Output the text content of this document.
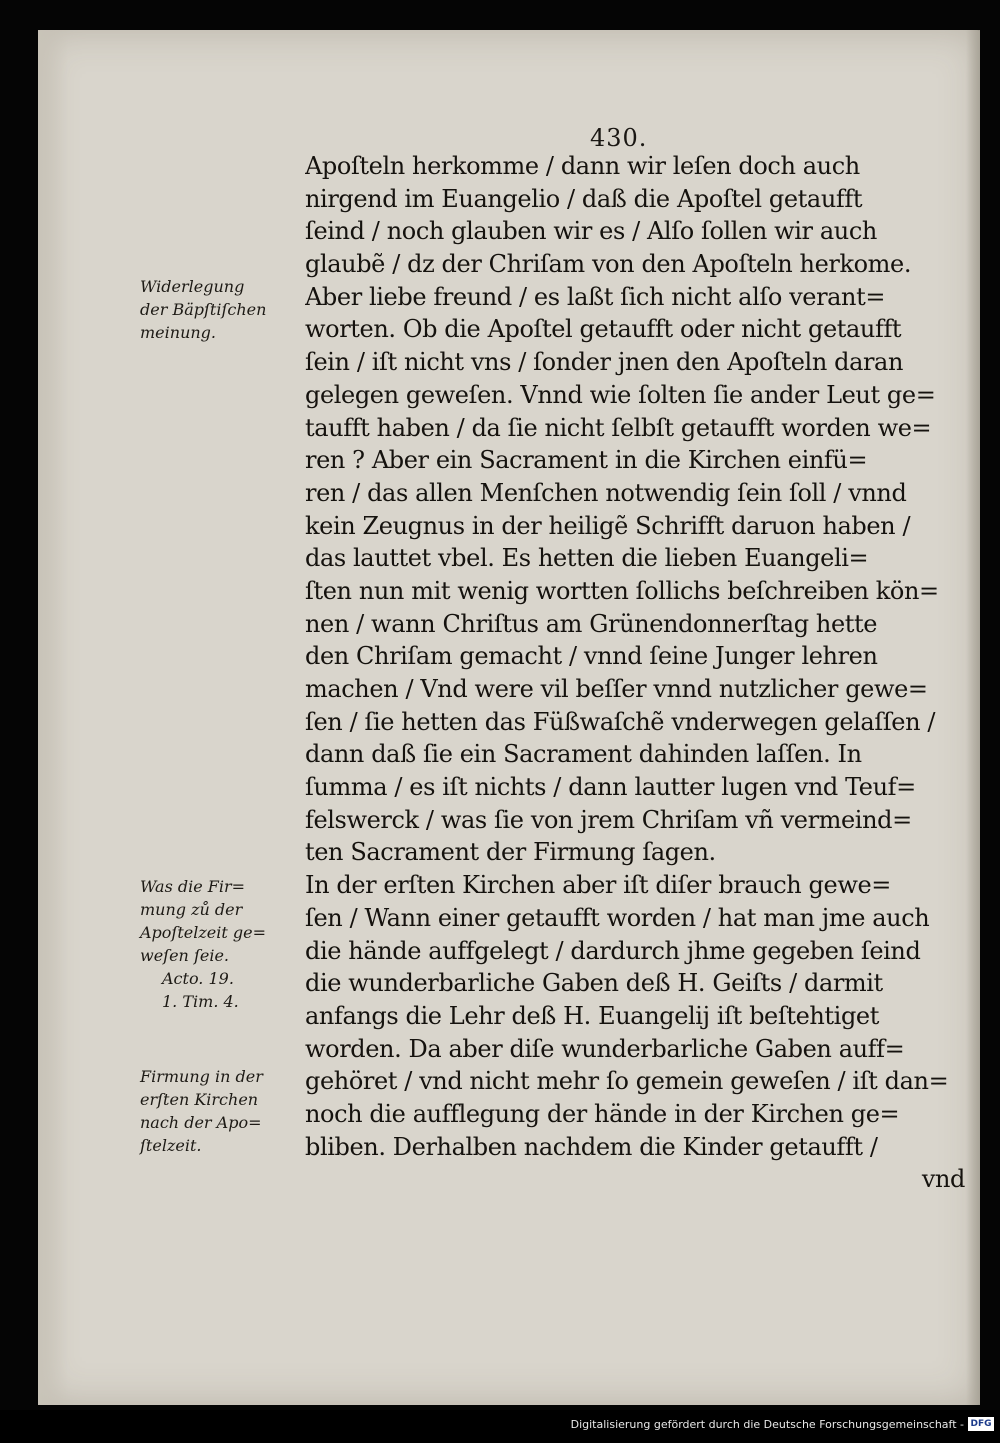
430.
Apoſteln herkomme / dann wir leſen doch auch
nirgend im Euangelio / daß die Apoſtel getaufft
ſeind / noch glauben wir es / Alſo ſollen wir auch
glaubẽ / dz der Chriſam von den Apoſteln herkome.
Aber liebe freund / es laßt ſich nicht alſo verant=
worten. Ob die Apoſtel getaufft oder nicht getaufft
ſein / iſt nicht vns / ſonder jnen den Apoſteln daran
gelegen geweſen. Vnnd wie ſolten ſie ander Leut ge=
taufft haben / da ſie nicht ſelbſt getaufft worden we=
ren ? Aber ein Sacrament in die Kirchen einfü=
ren / das allen Menſchen notwendig ſein ſoll / vnnd
kein Zeugnus in der heiligẽ Schrifft daruon haben /
das lauttet vbel. Es hetten die lieben Euangeli=
ſten nun mit wenig wortten ſollichs beſchreiben kön=
nen / wann Chriſtus am Grünendonnerſtag hette
den Chriſam gemacht / vnnd ſeine Junger lehren
machen / Vnd were vil beſſer vnnd nutzlicher gewe=
ſen / ſie hetten das Füßwaſchẽ vnderwegen gelaſſen /
dann daß ſie ein Sacrament dahinden laſſen. In
ſumma / es iſt nichts / dann lautter lugen vnd Teuf=
felswerck / was ſie von jrem Chriſam vñ vermeind=
ten Sacrament der Firmung ſagen.
In der erſten Kirchen aber iſt diſer brauch gewe=
ſen / Wann einer getaufft worden / hat man jme auch
die hände auffgelegt / dardurch jhme gegeben ſeind
die wunderbarliche Gaben deß H. Geiſts / darmit
anfangs die Lehr deß H. Euangelij iſt beſtehtiget
worden. Da aber diſe wunderbarliche Gaben auff=
gehöret / vnd nicht mehr ſo gemein geweſen / iſt dan=
noch die aufflegung der hände in der Kirchen ge=
bliben. Derhalben nachdem die Kinder getaufft /
vnd
Widerlegung
der Bäpſtiſchen
meinung.
Was die Fir=
mung zů der
Apoſtelzeit ge=
weſen ſeie.
Acto. 19.
1. Tim. 4.
Firmung in der
erſten Kirchen
nach der Apo=
ſtelzeit.
Digitalisierung gefördert durch die Deutsche Forschungsgemeinschaft - DFG
